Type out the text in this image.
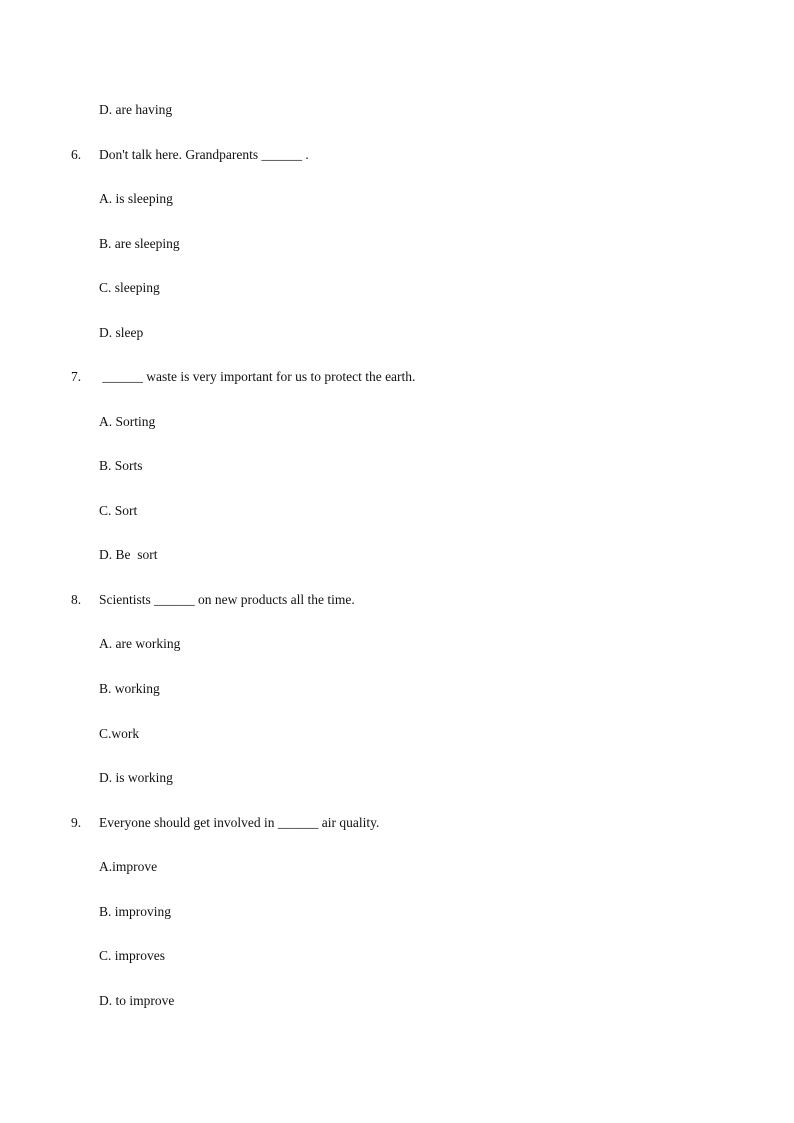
D. are having
6. Don't talk here. Grandparents ______ .
A. is sleeping
B. are sleeping
C. sleeping
D. sleep
7. ______ waste is very important for us to protect the earth.
A. Sorting
B. Sorts
C. Sort
D. Be  sort
8. Scientists ______ on new products all the time.
A. are working
B. working
C.work
D. is working
9. Everyone should get involved in ______ air quality.
A.improve
B. improving
C. improves
D. to improve
